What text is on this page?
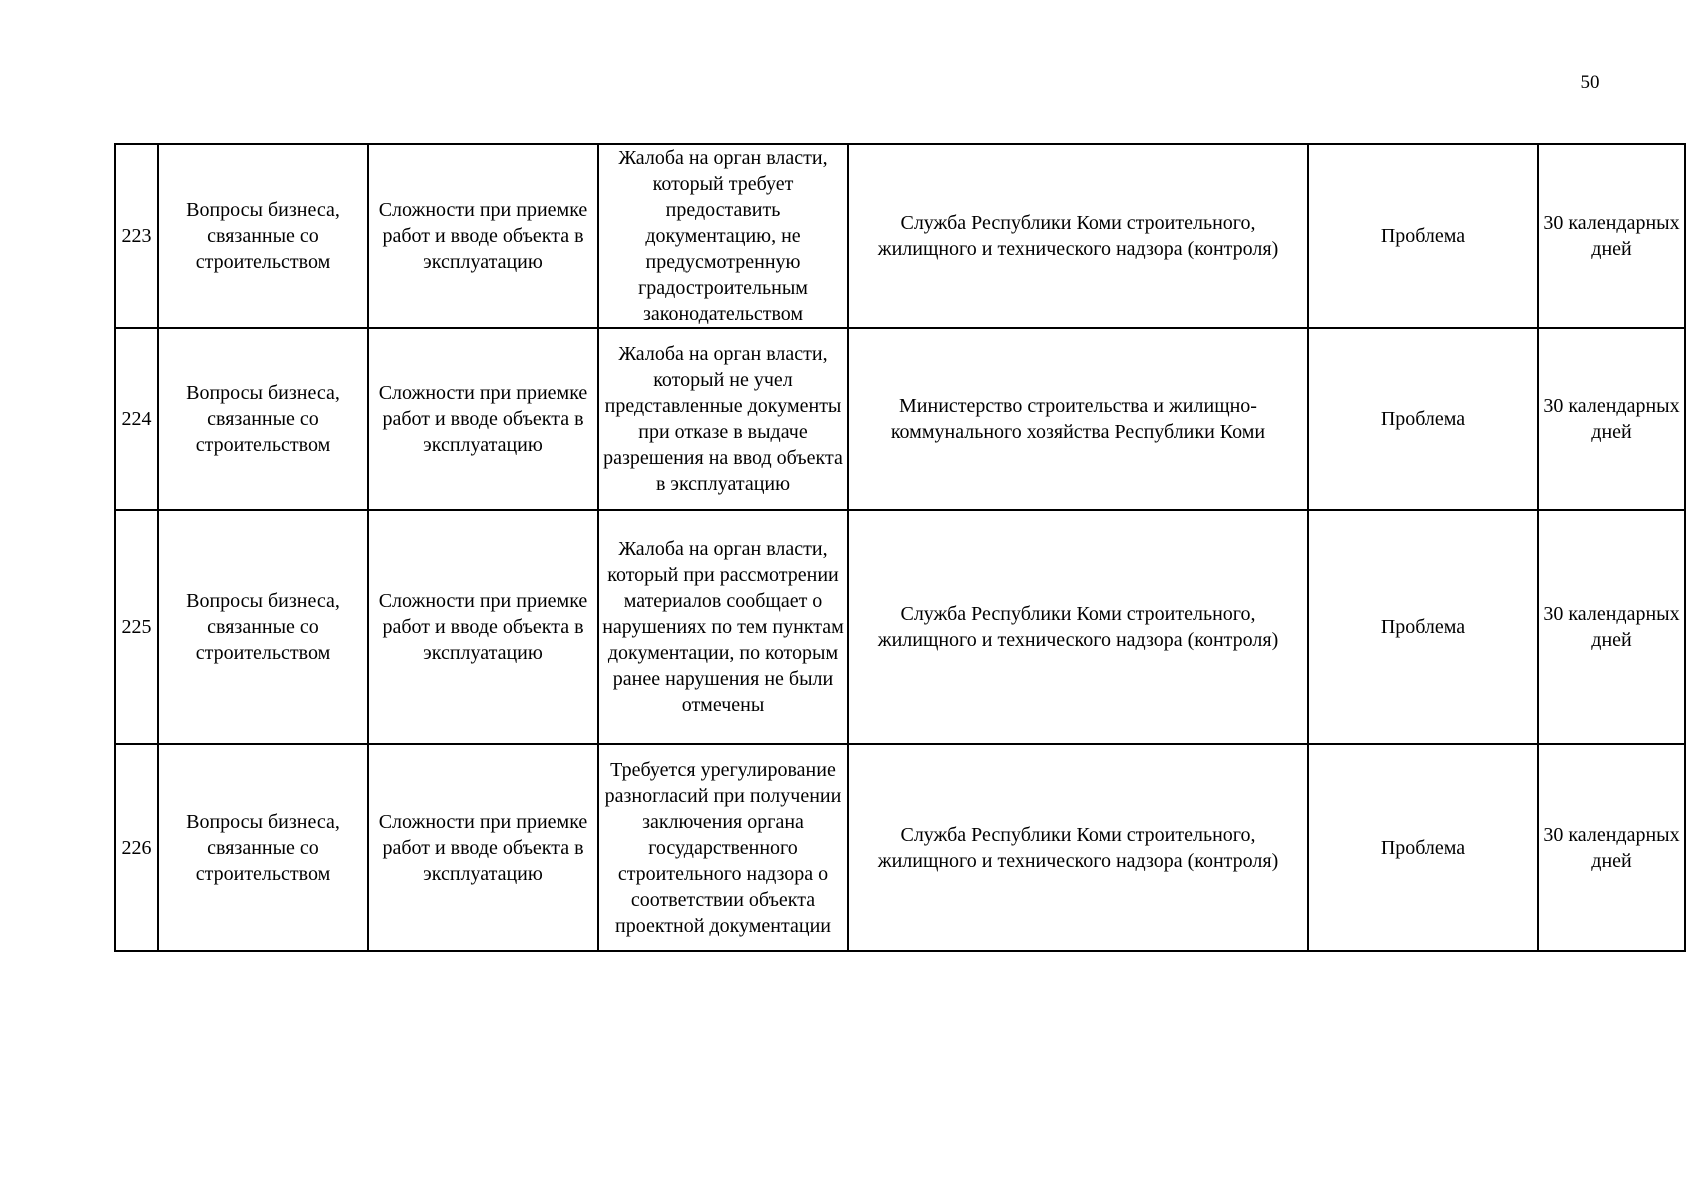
50
223	Вопросы бизнеса, связанные со строительством	Сложности при приемке работ и вводе объекта в эксплуатацию	Жалоба на орган власти, который требует предоставить документацию, не предусмотренную градостроительным законодательством	Служба Республики Коми строительного, жилищного и технического надзора (контроля)	Проблема	30 календарных дней
224	Вопросы бизнеса, связанные со строительством	Сложности при приемке работ и вводе объекта в эксплуатацию	Жалоба на орган власти, который не учел представленные документы при отказе в выдаче разрешения на ввод объекта в эксплуатацию	Министерство строительства и жилищно-коммунального хозяйства Республики Коми	Проблема	30 календарных дней
225	Вопросы бизнеса, связанные со строительством	Сложности при приемке работ и вводе объекта в эксплуатацию	Жалоба на орган власти, который при рассмотрении материалов сообщает о нарушениях по тем пунктам документации, по которым ранее нарушения не были отмечены	Служба Республики Коми строительного, жилищного и технического надзора (контроля)	Проблема	30 календарных дней
226	Вопросы бизнеса, связанные со строительством	Сложности при приемке работ и вводе объекта в эксплуатацию	Требуется урегулирование разногласий при получении заключения органа государственного строительного надзора о соответствии объекта проектной документации	Служба Республики Коми строительного, жилищного и технического надзора (контроля)	Проблема	30 календарных дней
